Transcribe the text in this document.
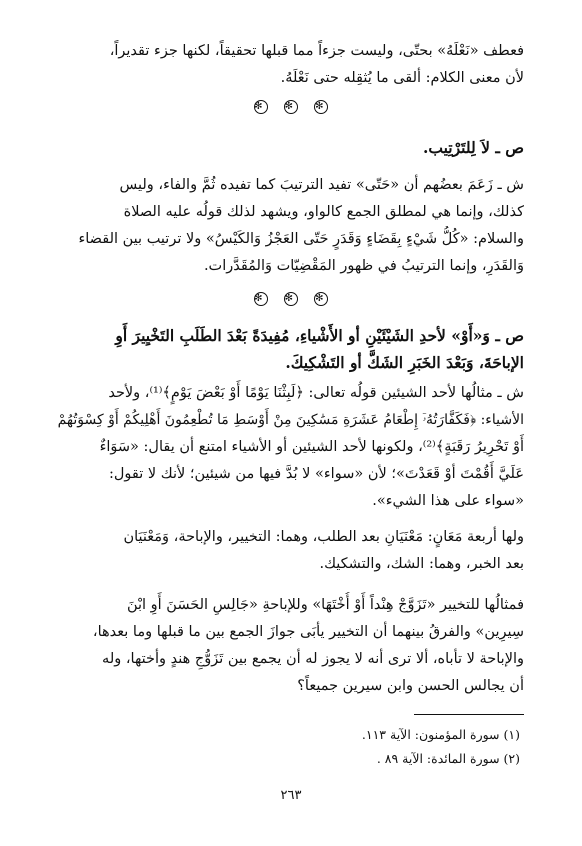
فعطف «نَعْلَهُ» بحتّى، وليست جزءاً مما قبلها تحقيقاً، لكنها جزء تقديراً،
لأن معنى الكلام: ألقى ما يُثقِله حتى نَعْلَهُ.
✻ ✻ ✻
ص ـ لاَ لِلتَرْتِيب.
ش ـ زَعَمَ بعضُهم أن «حَتّى» تفيد الترتيبَ كما تفيده ثُمَّ والفاء، وليس
كذلك، وإنما هي لمطلق الجمع كالواو، ويشهد لذلك قولُه عليه الصلاة
والسلام: «كُلُّ شَيْءٍ بِقَضَاءٍ وَقَدَرٍ حَتّى العَجْزُ وَالكَيْسُ» ولا ترتيب بين القضاء
وَالقَدَرِ، وإنما الترتيبُ في ظهور المَقْضِيّات وَالمُقَدَّرات.
✻ ✻ ✻
ص ـ وَ«أَوْ» لأحدِ الشَيْئَيْنِ أو الأَشْياءِ، مُفِيدَةً بَعْدَ الطَلَبِ التَخْيِيرَ أَوِ
الإباحَةَ، وَبَعْدَ الخَبَرِ الشَكَّ أو التَشْكِيكَ.
ش ـ مثالُها لأحد الشيئين قولُه تعالى: ﴿لَبِثْنَا يَوْمًا أَوْ بَعْضَ يَوْمٍ﴾⁽¹⁾، ولأحد
الأشياء: ﴿فَكَفَّارَتُهُۥٓ إِطْعَامُ عَشَرَةِ مَسَٰكِينَ مِنْ أَوْسَطِ مَا تُطْعِمُونَ أَهْلِيكُمْ أَوْ كِسْوَتُهُمْ
أَوْ تَحْرِيرُ رَقَبَةٍ﴾⁽²⁾، ولكونها لأحد الشيئين أو الأشياء امتنع أن يقال: «سَوَاءٌ
عَلَيَّ أَقُمْتَ أوْ قَعَدْتَ»؛ لأن «سواء» لا بُدَّ فيها من شيئين؛ لأنك لا تقول:
«سواء على هذا الشيء».
ولها أربعة مَعَانٍ: مَعْنَيَانِ بعد الطلب، وهما: التخيير، والإباحة، وَمَعْنَيَان
بعد الخبر، وهما: الشك، والتشكيك.
فمثالُها للتخيير «تَزَوَّجْ هِنْداً أَوْ أُخْتَهَا» وللإباحةِ «جَالِسِ الحَسَنَ أَوِ ابْنَ
سِيرِين» والفرقُ بينهما أن التخيير يأبَى جوازَ الجمع بين ما قبلها وما بعدها،
والإباحة لا تأباه، ألا ترى أنه لا يجوز له أن يجمع بين تَزَوُّجِ هندٍ وأختها، وله
أن يجالس الحسن وابن سيرين جميعاً؟
(١) سورة المؤمنون: الآية ١١٣.
(٢) سورة المائدة: الآية ٨٩ .
٢٦٣
